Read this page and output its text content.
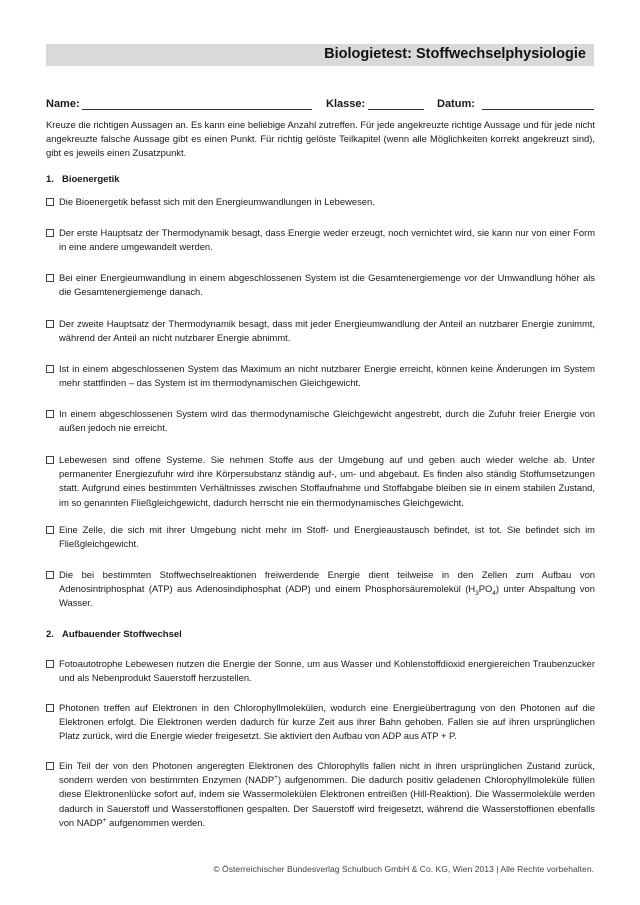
Biologietest: Stoffwechselphysiologie
Name:	Klasse:	Datum:

Kreuze die richtigen Aussagen an. Es kann eine beliebige Anzahl zutreffen. Für jede angekreuzte richtige Aussage und für jede nicht angekreuzte falsche Aussage gibt es einen Punkt. Für richtig gelöste Teilkapitel (wenn alle Möglichkeiten korrekt angekreuzt sind), gibt es jeweils einen Zusatzpunkt.

1. Bioenergetik

Die Bioenergetik befasst sich mit den Energieumwandlungen in Lebewesen.

Der erste Hauptsatz der Thermodynamik besagt, dass Energie weder erzeugt, noch vernichtet wird, sie kann nur von einer Form in eine andere umgewandelt werden.

Bei einer Energieumwandlung in einem abgeschlossenen System ist die Gesamtenergiemenge vor der Umwandlung höher als die Gesamtenergiemenge danach.

Der zweite Hauptsatz der Thermodynamik besagt, dass mit jeder Energieumwandlung der Anteil an nutzbarer Energie zunimmt, während der Anteil an nicht nutzbarer Energie abnimmt.

Ist in einem abgeschlossenen System das Maximum an nicht nutzbarer Energie erreicht, können keine Änderungen im System mehr stattfinden – das System ist im thermodynamischen Gleichgewicht.

In einem abgeschlossenen System wird das thermodynamische Gleichgewicht angestrebt, durch die Zufuhr freier Energie von außen jedoch nie erreicht.

Lebewesen sind offene Systeme. Sie nehmen Stoffe aus der Umgebung auf und geben auch wieder welche ab. Unter permanenter Energiezufuhr wird ihre Körpersubstanz ständig auf-, um- und abgebaut. Es finden also ständig Stoffumsetzungen statt. Aufgrund eines bestimmten Verhältnisses zwischen Stoffaufnahme und Stoffabgabe bleiben sie in einem stabilen Zustand, im so genannten Fließgleichgewicht, dadurch herrscht nie ein thermodynamisches Gleichgewicht.

Eine Zelle, die sich mit ihrer Umgebung nicht mehr im Stoff- und Energieaustausch befindet, ist tot. Sie befindet sich im Fließgleichgewicht.

Die bei bestimmten Stoffwechselreaktionen freiwerdende Energie dient teilweise in den Zellen zum Aufbau von Adenosintriphosphat (ATP) aus Adenosindiphosphat (ADP) und einem Phosphorsäuremolekül $(H_3PO_4)$ unter Abspaltung von Wasser.

2. Aufbauender Stoffwechsel

Fotoautotrophe Lebewesen nutzen die Energie der Sonne, um aus Wasser und Kohlenstoffdioxid energiereichen Traubenzucker und als Nebenprodukt Sauerstoff herzustellen.

Photonen treffen auf Elektronen in den Chlorophyllmolekülen, wodurch eine Energieübertragung von den Photonen auf die Elektronen erfolgt. Die Elektronen werden dadurch für kurze Zeit aus ihrer Bahn gehoben. Fallen sie auf ihren ursprünglichen Platz zurück, wird die Energie wieder freigesetzt. Sie aktiviert den Aufbau von ADP aus ATP + P.

Ein Teil der von den Photonen angeregten Elektronen des Chlorophylls fallen nicht in ihren ursprünglichen Zustand zurück, sondern werden von bestimmten Enzymen (NADP+) aufgenommen. Die dadurch positiv geladenen Chlorophyllmoleküle füllen diese Elektronenlücke sofort auf, indem sie Wassermolekülen Elektronen entreißen (Hill-Reaktion). Die Wassermoleküle werden dadurch in Sauerstoff und Wasserstoffionen gespalten. Der Sauerstoff wird freigesetzt, während die Wasserstoffionen ebenfalls von NADP+ aufgenommen werden.

© Österreichischer Bundesverlag Schulbuch GmbH & Co. KG, Wien 2013 | Alle Rechte vorbehalten.
